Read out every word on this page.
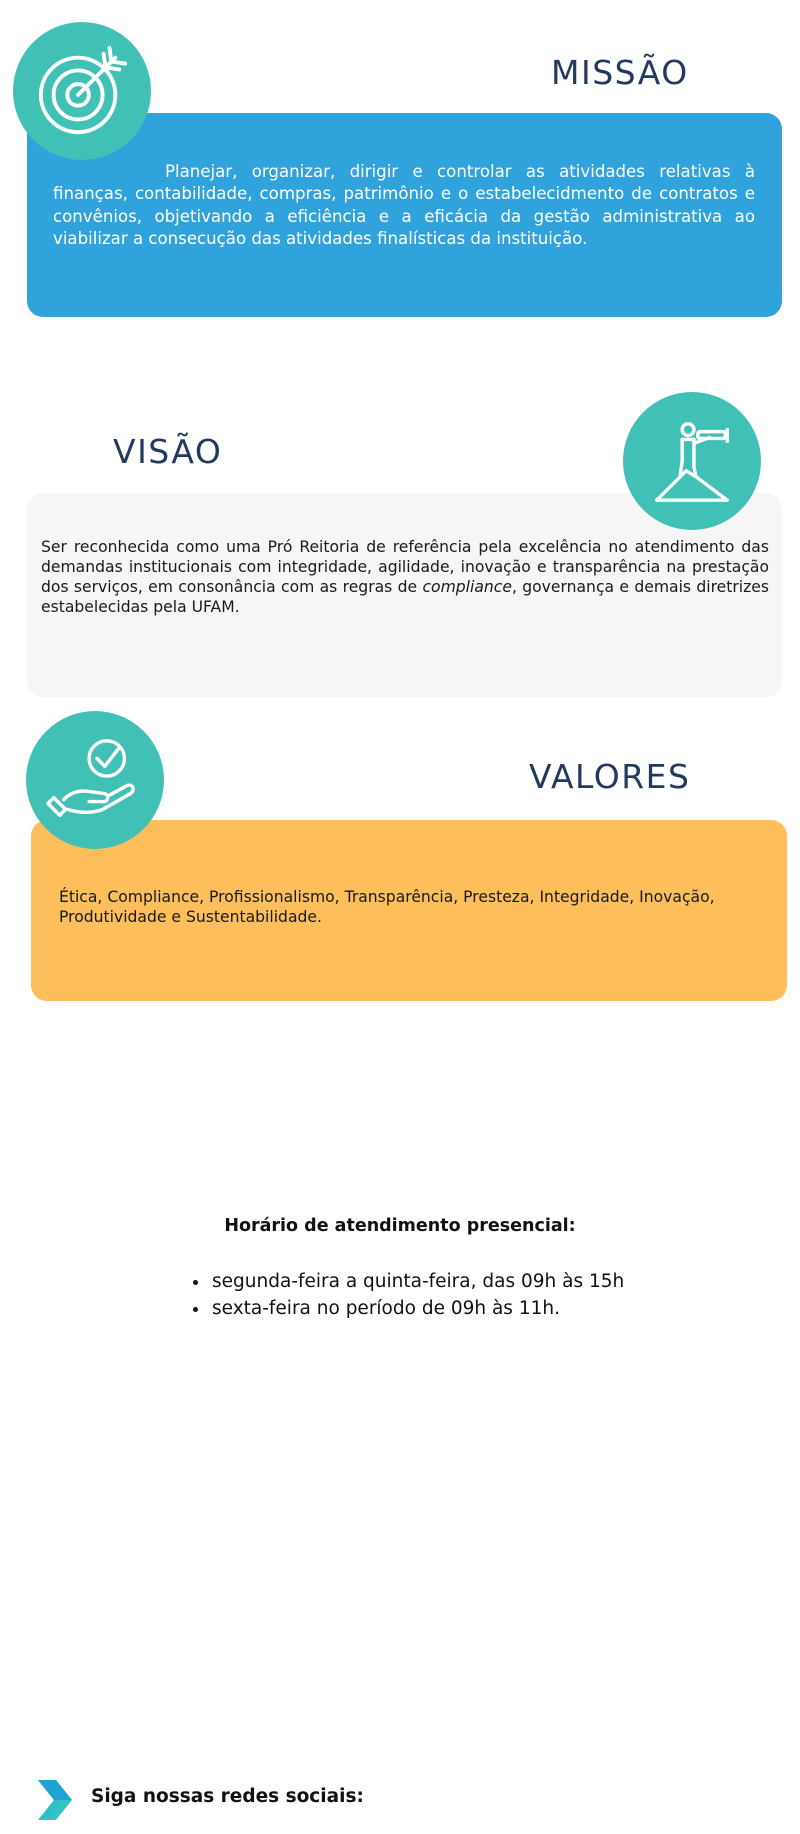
Planejar, organizar, dirigir e controlar as atividades relativas à finanças, contabilidade, compras, patrimônio e o estabelecidmento de contratos e convênios, objetivando a eficiência e a eficácia da gestão administrativa ao viabilizar a consecução das atividades finalísticas da instituição.
MISSÃO
Ser reconhecida como uma Pró Reitoria de referência pela excelência no atendimento das demandas institucionais com integridade, agilidade, inovação e transparência na prestação dos serviços, em consonância com as regras de compliance, governança e demais diretrizes estabelecidas pela UFAM.
VISÃO
Ética, Compliance, Profissionalismo, Transparência, Presteza, Integridade, Inovação, Produtividade e Sustentabilidade.
VALORES
Horário de atendimento presencial:
• segunda-feira a quinta-feira, das 09h às 15h
• sexta-feira no período de 09h às 11h.
Siga nossas redes sociais:
